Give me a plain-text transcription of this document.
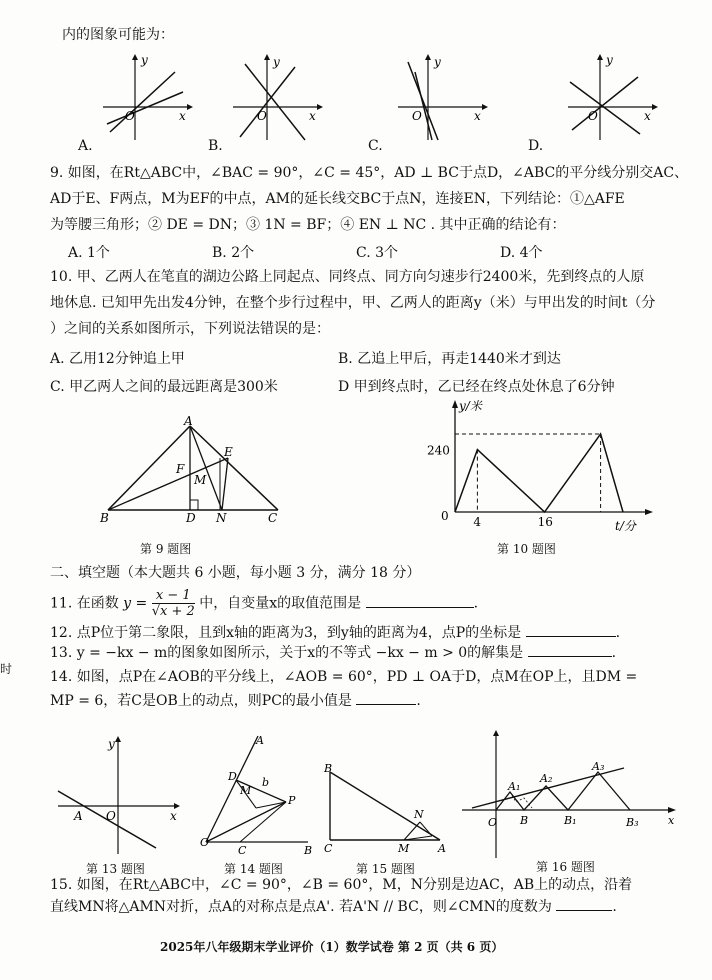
内的图象可能为：
y
x
O
y
x
O
y
x
O
y
x
O
A.	B.	C.	D.
9. 如图，在Rt△ABC中，∠BAC = 90°，∠C = 45°，AD ⊥ BC于点D，∠ABC的平分线分别交AC、
AD于E、F两点，M为EF的中点，AM的延长线交BC于点N，连接EN，下列结论：①△AFE
为等腰三角形；② DE = DN；③ 1N = BF；④ EN ⊥ NC . 其中正确的结论有：
A. 1个	B. 2个	C. 3个	D. 4个
10. 甲、乙两人在笔直的湖边公路上同起点、同终点、同方向匀速步行2400米，先到终点的人原
地休息. 已知甲先出发4分钟，在整个步行过程中，甲、乙两人的距离y（米）与甲出发的时间t（分
）之间的关系如图所示，下列说法错误的是：
A. 乙用12分钟追上甲	B. 乙追上甲后，再走1440米才到达
C. 甲乙两人之间的最远距离是300米	D 甲到终点时，乙已经在终点处休息了6分钟
A
B	C
D
E
F
M
N
第 9 题图
240
4	16
y/米
t/分
0
第 10 题图
二、填空题（本大题共 6 小题，每小题 3 分，满分 18 分）
11. 在函数 $y = \frac{x - 1}{√x + 2}$ 中，自变量x的取值范围是	.
12. 点P位于第二象限，且到x轴的距离为3，到y轴的距离为4，点P的坐标是	.
13. y = −kx − m的图象如图所示，关于x的不等式 −kx − m > 0的解集是	.
14. 如图，点P在∠AOB的平分线上，∠AOB = 60°，PD ⊥ OA于D，点M在OP上，且DM =
MP = 6，若C是OB上的动点，则PC的最小值是	.
y
x
A O
第 13 题图
O
A
B
C
D
M
P
b
第 14 题图
B
C	A
M
N
第 15 题图
O	x
A₁
A₂
A₃
B	B₁	B₃
第 16 题图
15. 如图，在Rt△ABC中，∠C = 90°，∠B = 60°，M，N分别是边AC，AB上的动点，沿着
直线MN将△AMN对折，点A的对称点是点A'. 若A'N // BC，则∠CMN的度数为	.
2025年八年级期末学业评价（1）数学试卷 第 2 页（共 6 页）
时
